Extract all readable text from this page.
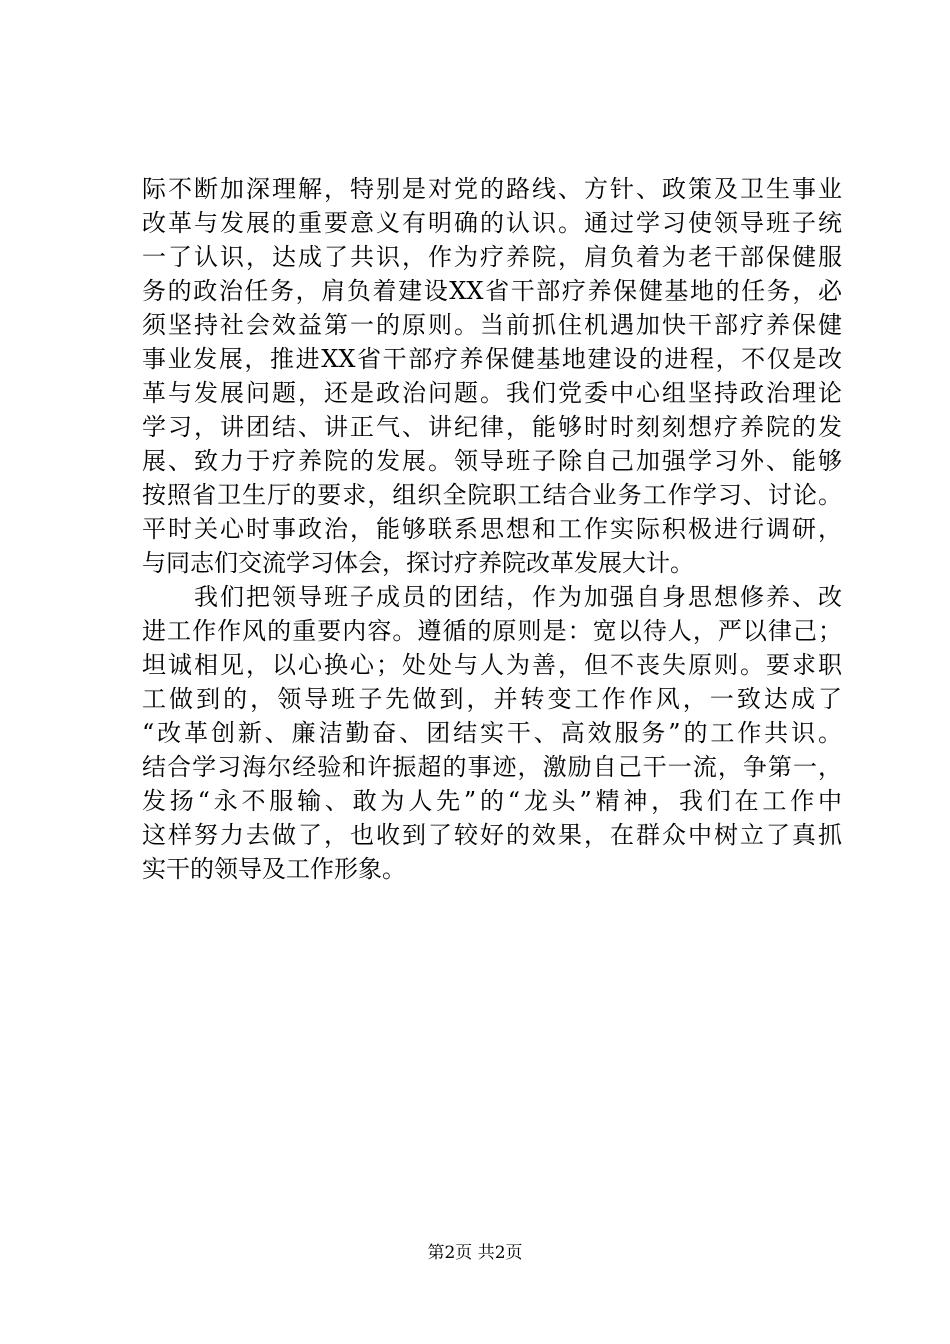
际不断加深理解，特别是对党的路线、方针、政策及卫生事业
改革与发展的重要意义有明确的认识。通过学习使领导班子统
一了认识，达成了共识，作为疗养院，肩负着为老干部保健服
务的政治任务，肩负着建设XX省干部疗养保健基地的任务，必
须坚持社会效益第一的原则。当前抓住机遇加快干部疗养保健
事业发展，推进XX省干部疗养保健基地建设的进程，不仅是改
革与发展问题，还是政治问题。我们党委中心组坚持政治理论
学习，讲团结、讲正气、讲纪律，能够时时刻刻想疗养院的发
展、致力于疗养院的发展。领导班子除自己加强学习外、能够
按照省卫生厅的要求，组织全院职工结合业务工作学习、讨论。
平时关心时事政治，能够联系思想和工作实际积极进行调研，
与同志们交流学习体会，探讨疗养院改革发展大计。
　　我们把领导班子成员的团结，作为加强自身思想修养、改
进工作作风的重要内容。遵循的原则是：宽以待人，严以律己；
坦诚相见，以心换心；处处与人为善，但不丧失原则。要求职
工做到的，领导班子先做到，并转变工作作风，一致达成了
“改革创新、廉洁勤奋、团结实干、高效服务”的工作共识。
结合学习海尔经验和许振超的事迹，激励自己干一流，争第一，
发扬“永不服输、敢为人先”的“龙头”精神，我们在工作中
这样努力去做了，也收到了较好的效果，在群众中树立了真抓
实干的领导及工作形象。
第2页 共2页
